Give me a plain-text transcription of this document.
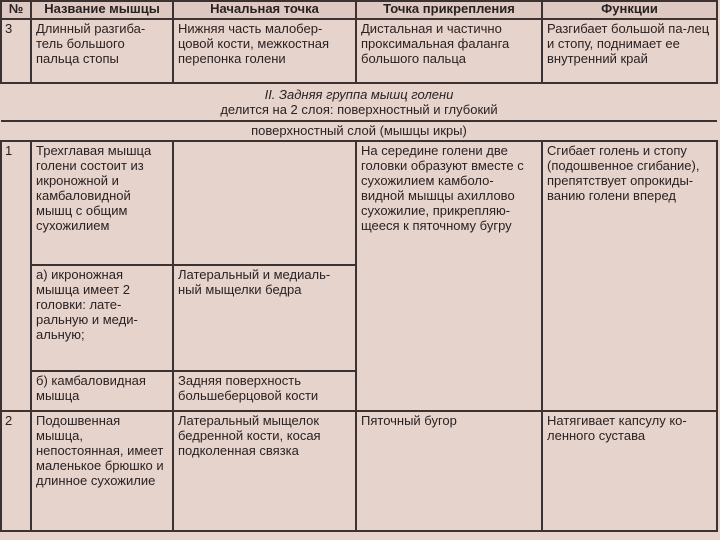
№	Название мышцы	Начальная точка	Точка прикрепления	Функции
3	Длинный разгиба-тель большого пальца стопы	Нижняя часть малобер-цовой кости, межкостная перепонка голени	Дистальная и частично проксимальная фаланга большого пальца	Разгибает большой па-лец и стопу, поднимает ее внутренний край

II. Задняя группа мышц голени
делится на 2 слоя: поверхностный и глубокий				

поверхностный слой (мышцы икры)				
1	Трехглавая мышца голени состоит из икроножной и камбаловидной мышц с общим сухожилием		На середине голени две головки образуют вместе с сухожилием камболо-видной мышцы ахиллово сухожилие, прикрепляю-щееся к пяточному бугру	Сгибает голень и стопу (подошвенное сгибание), препятствует опрокиды-ванию голени вперед
	а) икроножная мышца имеет 2 головки: лате-ральную и меди-альную;	Латеральный и медиаль-ный мыщелки бедра		
	б) камбаловидная мышца	Задняя поверхность большеберцовой кости		
2	Подошвенная мышца, непостоянная, имеет маленькое брюшко и длинное сухожилие	Латеральный мыщелок бедренной кости, косая подколенная связка	Пяточный бугор	Натягивает капсулу ко-ленного сустава
